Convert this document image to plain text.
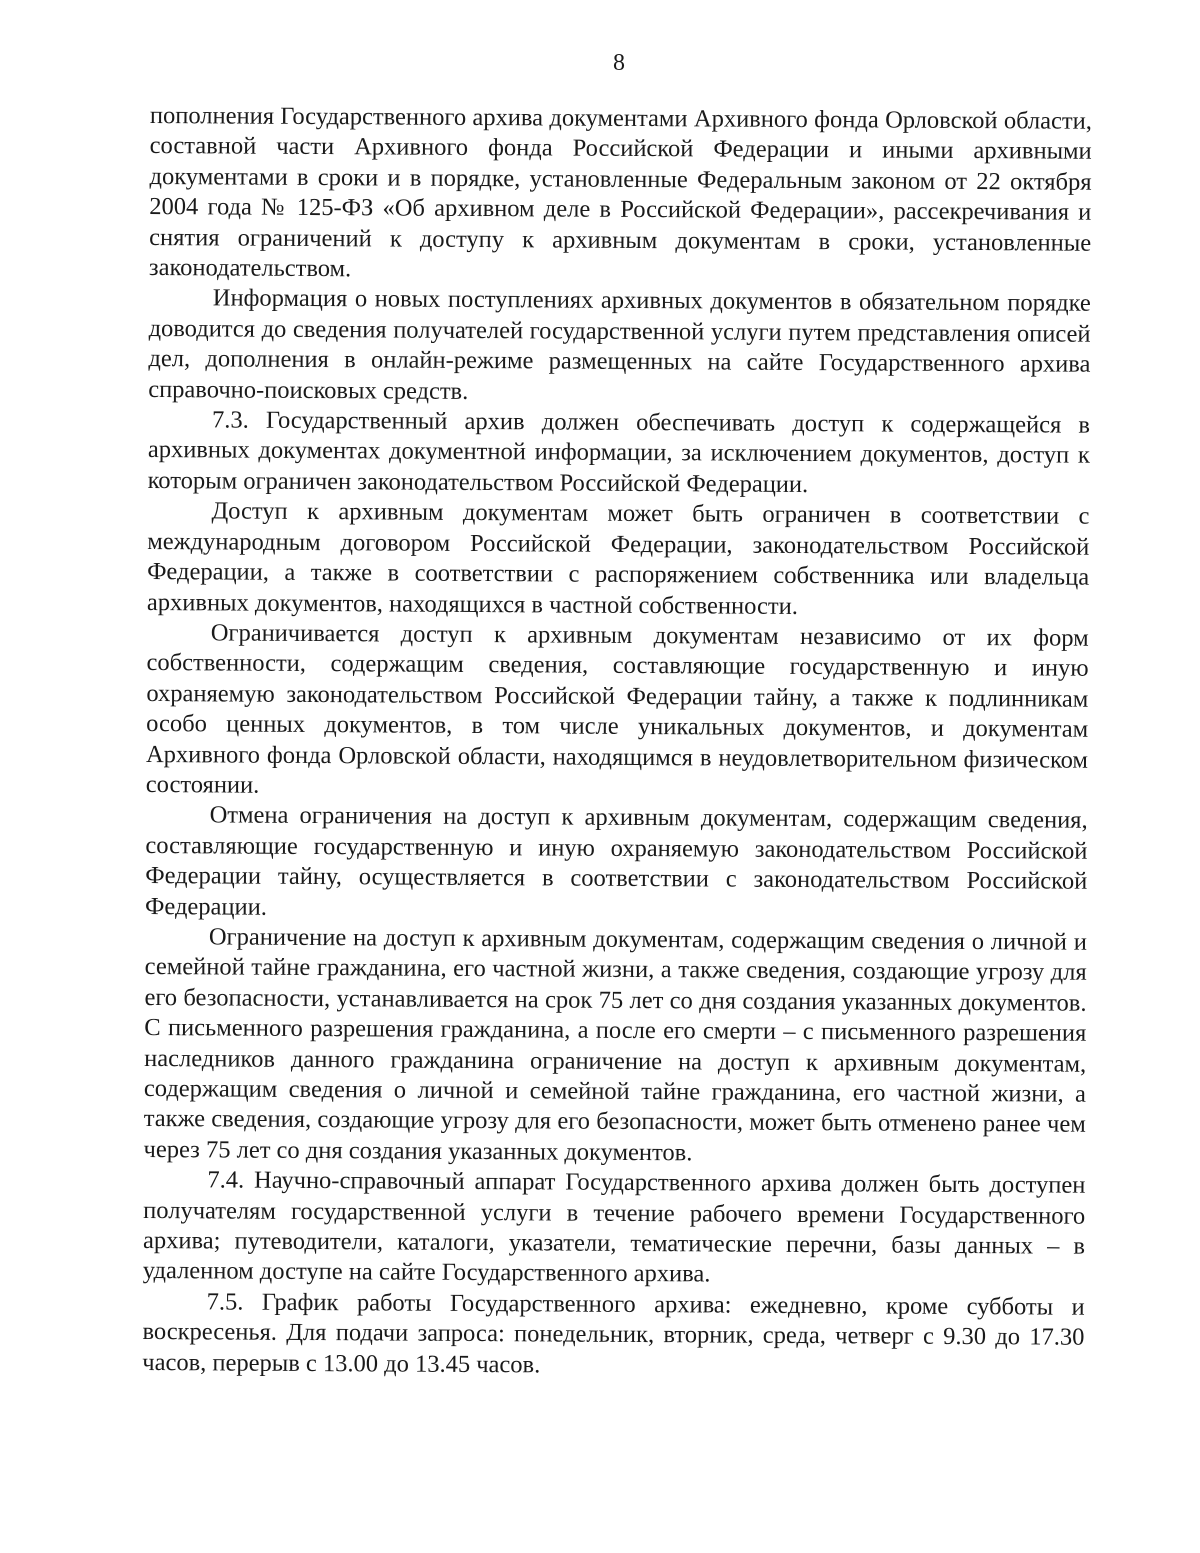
8

пополнения Государственного архива документами Архивного фонда Орловской области, составной части Архивного фонда Российской Федерации и иными архивными документами в сроки и в порядке, установленные Федеральным законом от 22 октября 2004 года № 125-ФЗ «Об архивном деле в Российской Федерации», рассекречивания и снятия ограничений к доступу к архивным документам в сроки, установленные законодательством.

Информация о новых поступлениях архивных документов в обязательном порядке доводится до сведения получателей государственной услуги путем представления описей дел, дополнения в онлайн-режиме размещенных на сайте Государственного архива справочно-поисковых средств.

7.3. Государственный архив должен обеспечивать доступ к содержащейся в архивных документах документной информации, за исключением документов, доступ к которым ограничен законодательством Российской Федерации.

Доступ к архивным документам может быть ограничен в соответствии с международным договором Российской Федерации, законодательством Российской Федерации, а также в соответствии с распоряжением собственника или владельца архивных документов, находящихся в частной собственности.

Ограничивается доступ к архивным документам независимо от их форм собственности, содержащим сведения, составляющие государственную и иную охраняемую законодательством Российской Федерации тайну, а также к подлинникам особо ценных документов, в том числе уникальных документов, и документам Архивного фонда Орловской области, находящимся в неудовлетворительном физическом состоянии.

Отмена ограничения на доступ к архивным документам, содержащим сведения, составляющие государственную и иную охраняемую законодательством Российской Федерации тайну, осуществляется в соответствии с законодательством Российской Федерации.

Ограничение на доступ к архивным документам, содержащим сведения о личной и семейной тайне гражданина, его частной жизни, а также сведения, создающие угрозу для его безопасности, устанавливается на срок 75 лет со дня создания указанных документов. С письменного разрешения гражданина, а после его смерти – с письменного разрешения наследников данного гражданина ограничение на доступ к архивным документам, содержащим сведения о личной и семейной тайне гражданина, его частной жизни, а также сведения, создающие угрозу для его безопасности, может быть отменено ранее чем через 75 лет со дня создания указанных документов.

7.4. Научно-справочный аппарат Государственного архива должен быть доступен получателям государственной услуги в течение рабочего времени Государственного архива; путеводители, каталоги, указатели, тематические перечни, базы данных – в удаленном доступе на сайте Государственного архива.

7.5. График работы Государственного архива: ежедневно, кроме субботы и воскресенья. Для подачи запроса: понедельник, вторник, среда, четверг с 9.30 до 17.30 часов, перерыв с 13.00 до 13.45 часов.
